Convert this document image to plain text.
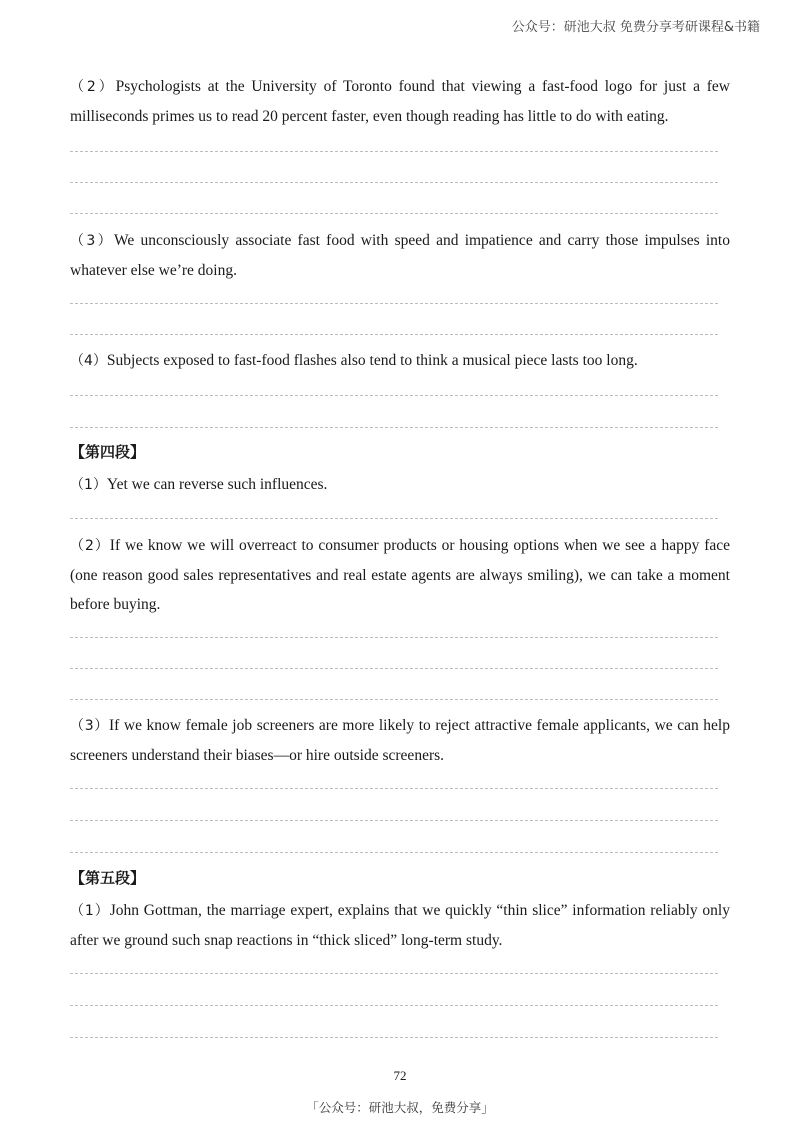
公众号：研池大叔 免费分享考研课程&书籍
（2）Psychologists at the University of Toronto found that viewing a fast-food logo for just a few milliseconds primes us to read 20 percent faster, even though reading has little to do with eating.
（3）We unconsciously associate fast food with speed and impatience and carry those impulses into whatever else we’re doing.
（4）Subjects exposed to fast-food flashes also tend to think a musical piece lasts too long.
【第四段】
（1）Yet we can reverse such influences.
（2）If we know we will overreact to consumer products or housing options when we see a happy face (one reason good sales representatives and real estate agents are always smiling), we can take a moment before buying.
（3）If we know female job screeners are more likely to reject attractive female applicants, we can help screeners understand their biases—or hire outside screeners.
【第五段】
（1）John Gottman, the marriage expert, explains that we quickly “thin slice” information reliably only after we ground such snap reactions in “thick sliced” long-term study.
72
「公众号：研池大叔，免费分享」
